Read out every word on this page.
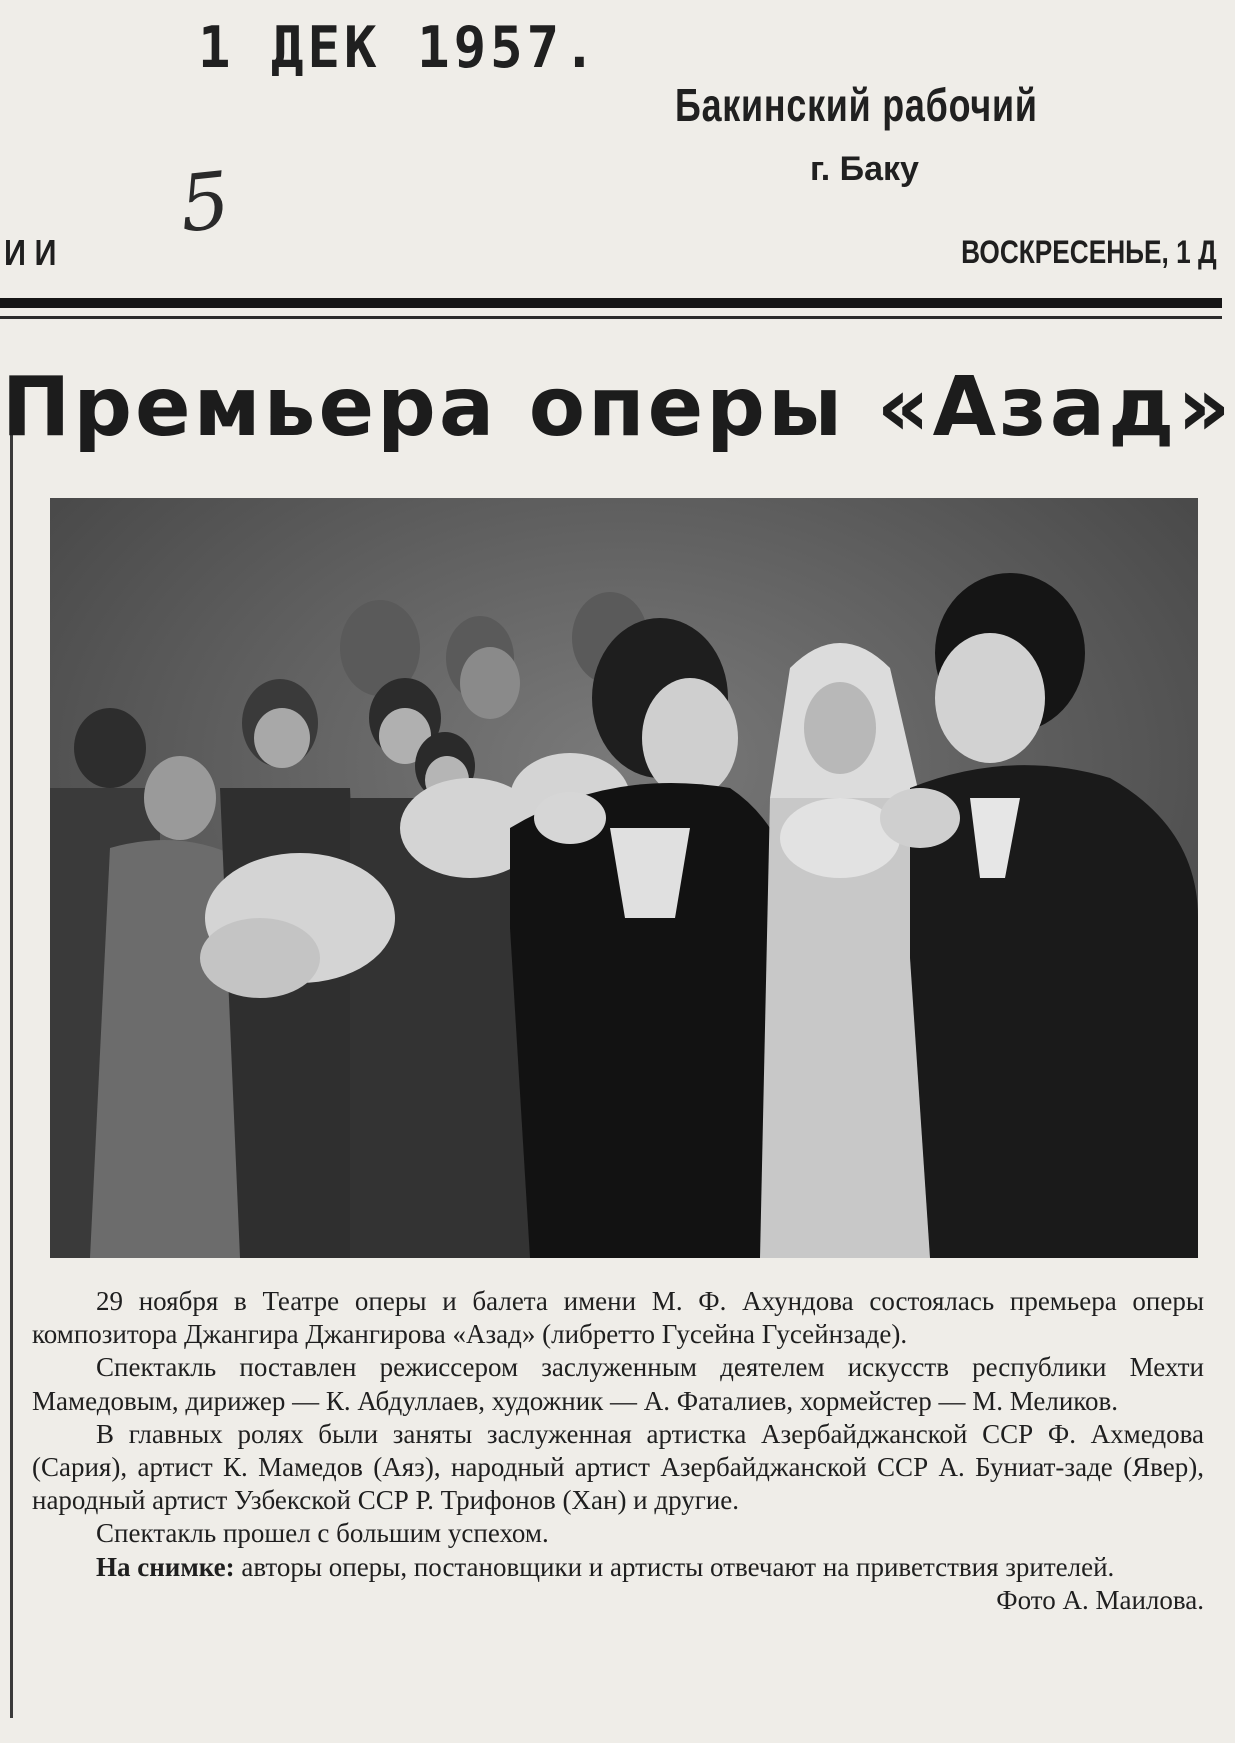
1 ДЕК 1957.
Бакинский рабочий
г. Баку
5
И И	ВОСКРЕСЕНЬЕ, 1 Д
Премьера оперы «Азад»

29 ноября в Театре оперы и балета имени М. Ф. Ахундова состоялась премьера оперы композитора Джангира Джангирова «Азад» (либретто Гусейна Гусейнзаде).

Спектакль поставлен режиссером заслуженным деятелем искусств республики Мехти Мамедовым, дирижер — К. Абдуллаев, художник — А. Фаталиев, хормейстер — М. Меликов.

В главных ролях были заняты заслуженная артистка Азербайджанской ССР Ф. Ахмедова (Сария), артист К. Мамедов (Аяз), народный артист Азербайджанской ССР А. Буниат-заде (Явер), народный артист Узбекской ССР Р. Трифонов (Хан) и другие.

Спектакль прошел с большим успехом.

На снимке: авторы оперы, постановщики и артисты отвечают на приветствия зрителей.
Фото А. Маилова.
